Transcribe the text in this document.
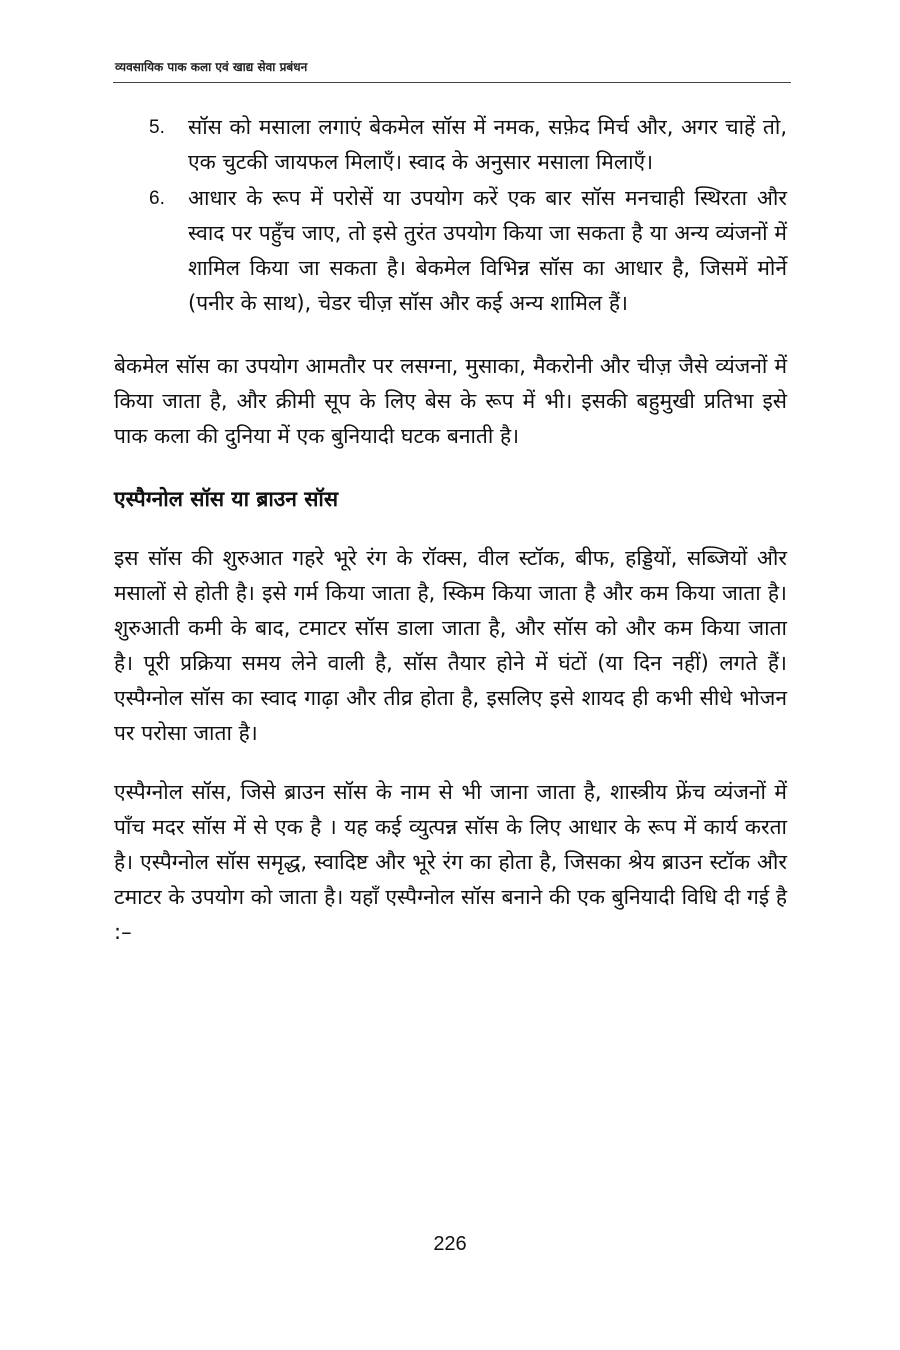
व्यवसायिक पाक कला एवं खाद्य सेवा प्रबंधन
5. सॉस को मसाला लगाएं बेकमेल सॉस में नमक, सफ़ेद मिर्च और, अगर चाहें तो, एक चुटकी जायफल मिलाएँ। स्वाद के अनुसार मसाला मिलाएँ।
6. आधार के रूप में परोसें या उपयोग करें एक बार सॉस मनचाही स्थिरता और स्वाद पर पहुँच जाए, तो इसे तुरंत उपयोग किया जा सकता है या अन्य व्यंजनों में शामिल किया जा सकता है। बेकमेल विभिन्न सॉस का आधार है, जिसमें मोर्ने (पनीर के साथ), चेडर चीज़ सॉस और कई अन्य शामिल हैं।

बेकमेल सॉस का उपयोग आमतौर पर लसग्ना, मुसाका, मैकरोनी और चीज़ जैसे व्यंजनों में किया जाता है, और क्रीमी सूप के लिए बेस के रूप में भी। इसकी बहुमुखी प्रतिभा इसे पाक कला की दुनिया में एक बुनियादी घटक बनाती है।

एस्पैग्नोल सॉस या ब्राउन सॉस

इस सॉस की शुरुआत गहरे भूरे रंग के रॉक्स, वील स्टॉक, बीफ, हड्डियों, सब्जियों और मसालों से होती है। इसे गर्म किया जाता है, स्किम किया जाता है और कम किया जाता है। शुरुआती कमी के बाद, टमाटर सॉस डाला जाता है, और सॉस को और कम किया जाता है। पूरी प्रक्रिया समय लेने वाली है, सॉस तैयार होने में घंटों (या दिन नहीं) लगते हैं। एस्पैग्नोल सॉस का स्वाद गाढ़ा और तीव्र होता है, इसलिए इसे शायद ही कभी सीधे भोजन पर परोसा जाता है।

एस्पैग्नोल सॉस, जिसे ब्राउन सॉस के नाम से भी जाना जाता है, शास्त्रीय फ्रेंच व्यंजनों में पाँच मदर सॉस में से एक है । यह कई व्युत्पन्न सॉस के लिए आधार के रूप में कार्य करता है। एस्पैग्नोल सॉस समृद्ध, स्वादिष्ट और भूरे रंग का होता है, जिसका श्रेय ब्राउन स्टॉक और टमाटर के उपयोग को जाता है। यहाँ एस्पैग्नोल सॉस बनाने की एक बुनियादी विधि दी गई है :–

226
